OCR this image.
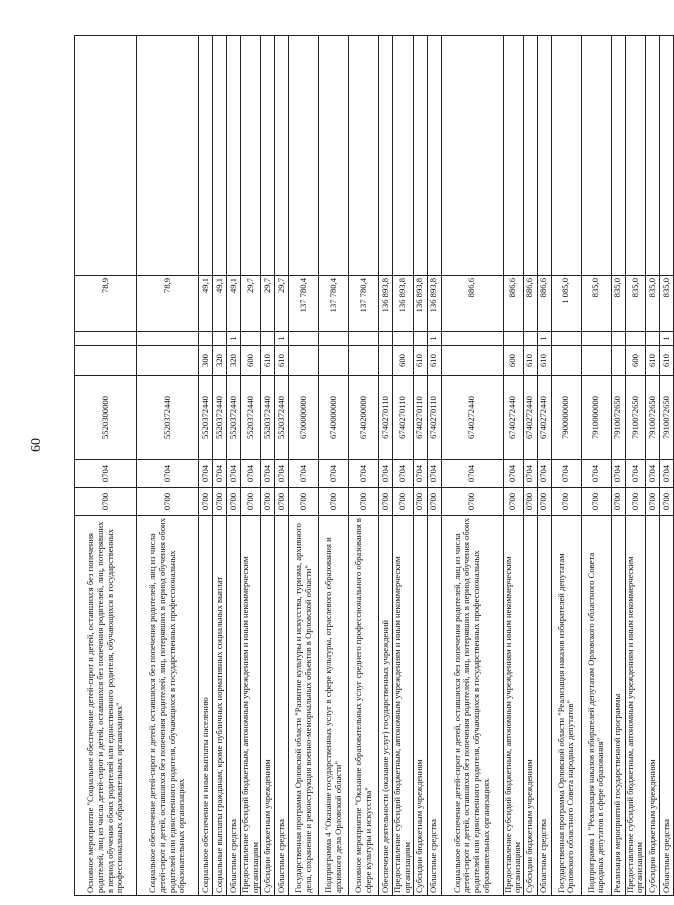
60
Основное мероприятие "Социальное обеспечение детей-сирот и детей, оставшихся без попечения родителей, лиц из числа детей-сирот и детей, оставшихся без попечения родителей, лиц, потерявших в период обучения обоих родителей или единственного родителя, обучающихся в государственных профессиональных образовательных организациях"	0700	0704	5520300000			78,9	
Социальное обеспечение детей-сирот и детей, оставшихся без попечения родителей, лиц из числа детей-сирот и детей, оставшихся без попечения родителей, лиц, потерявших в период обучения обоих родителей или единственного родителя, обучающихся в государственных профессиональных образовательных организациях	0700	0704	5520372440			78,9	
Социальное обеспечение и иные выплаты населению	0700	0704	5520372440	300		49,1	
Социальные выплаты гражданам, кроме публичных нормативных социальных выплат	0700	0704	5520372440	320		49,1	
Областные средства	0700	0704	5520372440	320	1	49,1	
Предоставление субсидий бюджетным, автономным учреждениям и иным некоммерческим организациям	0700	0704	5520372440	600		29,7	
Субсидии бюджетным учреждениям	0700	0704	5520372440	610		29,7	
Областные средства	0700	0704	5520372440	610	1	29,7	
Государственная программа Орловской области "Развитие культуры и искусства, туризма, архивного дела, сохранение и реконструкция военно-мемориальных объектов в Орловской области"	0700	0704	6700000000			137 780,4	
Подпрограмма 4 "Оказание государственных услуг в сфере культуры, отраслевого образования и архивного дела Орловской области"	0700	0704	6740000000			137 780,4	
Основное мероприятие "Оказание образовательных услуг среднего профессионального образования в сфере культуры и искусства"	0700	0704	6740200000			137 780,4	
Обеспечение деятельности (оказание услуг) государственных учреждений	0700	0704	6740270110			136 893,8	
Предоставление субсидий бюджетным, автономным учреждениям и иным некоммерческим организациям	0700	0704	6740270110	600		136 893,8	
Субсидии бюджетным учреждениям	0700	0704	6740270110	610		136 893,8	
Областные средства	0700	0704	6740270110	610	1	136 893,8	
Социальное обеспечение детей-сирот и детей, оставшихся без попечения родителей, лиц из числа детей-сирот и детей, оставшихся без попечения родителей, лиц, потерявших в период обучения обоих родителей или единственного родителя, обучающихся в государственных профессиональных образовательных организациях	0700	0704	6740272440			886,6	
Предоставление субсидий бюджетным, автономным учреждениям и иным некоммерческим организациям	0700	0704	6740272440	600		886,6	
Субсидии бюджетным учреждениям	0700	0704	6740272440	610		886,6	
Областные средства	0700	0704	6740272440	610	1	886,6	
Государственная программа Орловской области "Реализация наказов избирателей депутатам Орловского областного Совета народных депутатов"	0700	0704	7900000000			1 085,0	
Подпрограмма 1 "Реализация наказов избирателей депутатам Орловского областного Совета народных депутатов в сфере образования"	0700	0704	7910000000			835,0	
Реализация мероприятий государственной программы	0700	0704	7910072650			835,0	
Предоставление субсидий бюджетным, автономным учреждениям и иным некоммерческим организациям	0700	0704	7910072650	600		835,0	
Субсидии бюджетным учреждениям	0700	0704	7910072650	610		835,0	
Областные средства	0700	0704	7910072650	610	1	835,0	
